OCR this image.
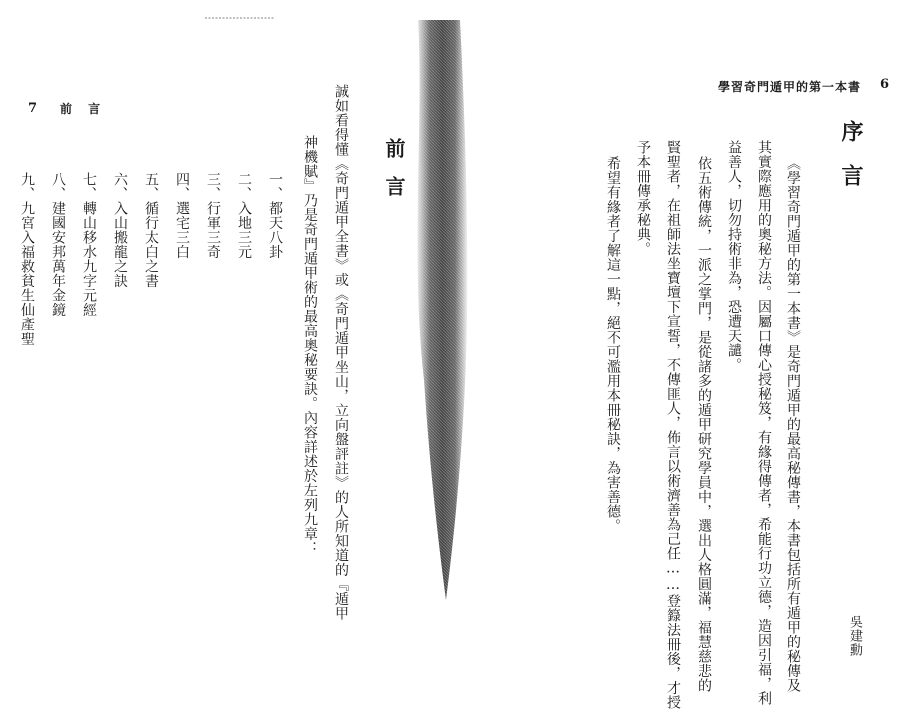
7 前 言
前言
誠如看得懂《奇門遁甲全書》或《奇門遁甲坐山，立向盤評註》的人所知道的『遁甲
神機賦』乃是奇門遁甲術的最高奧秘要訣。內容詳述於左列九章：
一、都天八卦
二、入地三元
三、行軍三奇
四、選宅三白
五、循行太白之書
六、入山搬龍之訣
七、轉山移水九字元經
八、建國安邦萬年金鏡
九、九宮入福救貧生仙產聖
學習奇門遁甲的第一本書 6
序言
《學習奇門遁甲的第一本書》是奇門遁甲的最高秘傳書，本書包括所有遁甲的秘傳及
其實際應用的奧秘方法。因屬口傳心授秘笈，有緣得傳者，希能行功立德，造因引福，利
益善人，切勿持術非為，恐遭天譴。
依五術傳統，一派之掌門，是從諸多的遁甲研究學員中，選出人格圓滿，福慧慈悲的
賢聖者，在祖師法坐寶壇下宣誓，不傳匪人，佈言以術濟善為己任……登籙法冊後，才授
予本冊傳承秘典。
希望有緣者了解這一點，絕不可濫用本冊秘訣，為害善德。
吳建勳
